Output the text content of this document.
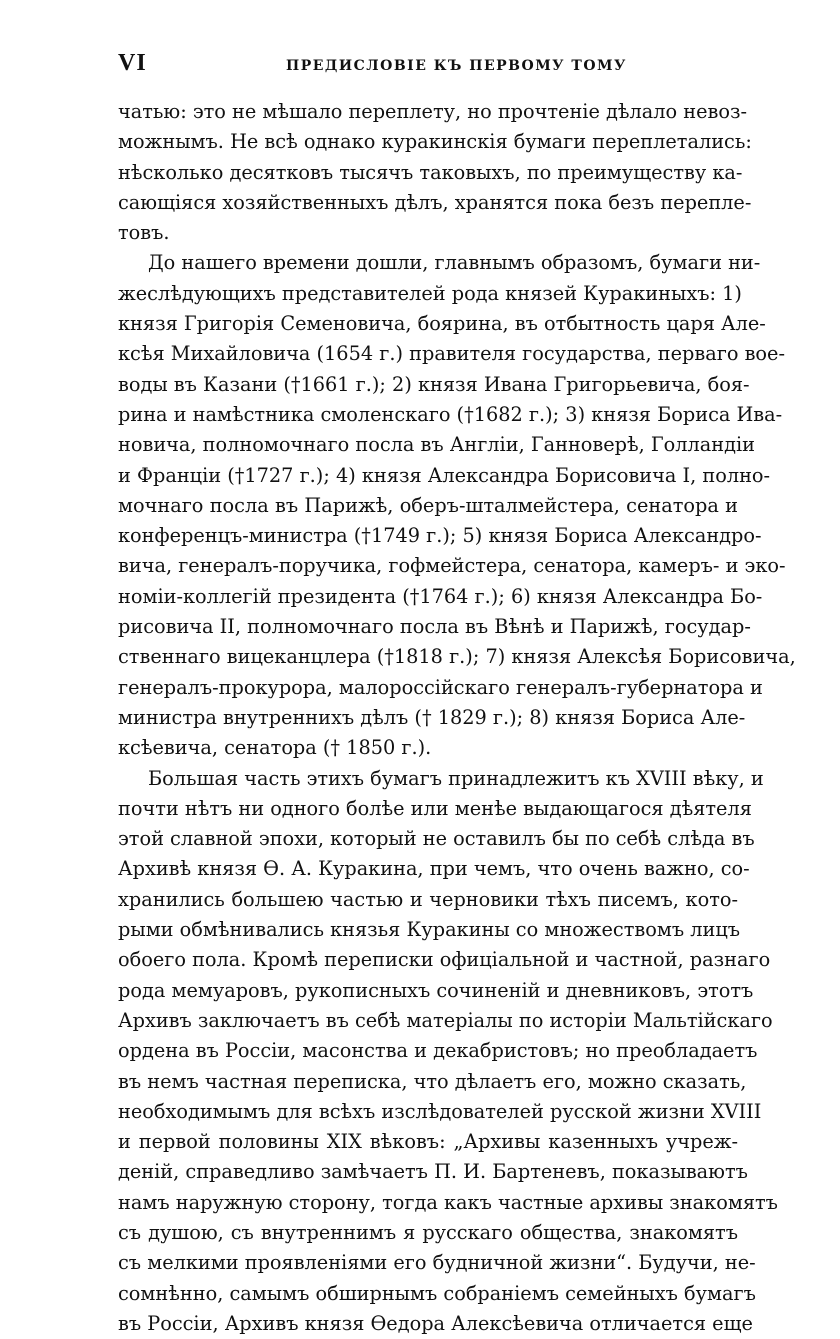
VI	ПРЕДИСЛОВІЕ КЪ ПЕРВОМУ ТОМУ
чатью: это не мѣшало переплету, но прочтеніе дѣлало невоз-
можнымъ. Не всѣ однако куракинскія бумаги переплетались:
нѣсколько десятковъ тысячъ таковыхъ, по преимуществу ка-
сающіяся хозяйственныхъ дѣлъ, хранятся пока безъ перепле-
товъ.
До нашего времени дошли, главнымъ образомъ, бумаги ни-
жеслѣдующихъ представителей рода князей Куракиныхъ: 1)
князя Григорія Семеновича, боярина, въ отбытность царя Але-
ксѣя Михайловича (1654 г.) правителя государства, перваго вое-
воды въ Казани (†1661 г.); 2) князя Ивана Григорьевича, боя-
рина и намѣстника смоленскаго (†1682 г.); 3) князя Бориса Ива-
новича, полномочнаго посла въ Англіи, Ганноверѣ, Голландіи
и Франціи (†1727 г.); 4) князя Александра Борисовича I, полно-
мочнаго посла въ Парижѣ, оберъ-шталмейстера, сенатора и
конференцъ-министра (†1749 г.); 5) князя Бориса Александро-
вича, генералъ-поручика, гофмейстера, сенатора, камеръ- и эко-
номіи-коллегій президента (†1764 г.); 6) князя Александра Бо-
рисовича II, полномочнаго посла въ Вѣнѣ и Парижѣ, государ-
ственнаго вицеканцлера (†1818 г.); 7) князя Алексѣя Борисовича,
генералъ-прокурора, малороссійскаго генералъ-губернатора и
министра внутреннихъ дѣлъ († 1829 г.); 8) князя Бориса Але-
ксѣевича, сенатора († 1850 г.).
Большая часть этихъ бумагъ принадлежитъ къ XVIII вѣку, и
почти нѣтъ ни одного болѣе или менѣе выдающагося дѣятеля
этой славной эпохи, который не оставилъ бы по себѣ слѣда въ
Архивѣ князя Ѳ. А. Куракина, при чемъ, что очень важно, со-
хранились большею частью и черновики тѣхъ писемъ, кото-
рыми обмѣнивались князья Куракины со множествомъ лицъ
обоего пола. Кромѣ переписки офиціальной и частной, разнаго
рода мемуаровъ, рукописныхъ сочиненій и дневниковъ, этотъ
Архивъ заключаетъ въ себѣ матеріалы по исторіи Мальтійскаго
ордена въ Россіи, масонства и декабристовъ; но преобладаетъ
въ немъ частная переписка, что дѣлаетъ его, можно сказать,
необходимымъ для всѣхъ изслѣдователей русской жизни XVIII
и первой половины XIX вѣковъ: „Архивы казенныхъ учреж-
деній, справедливо замѣчаетъ П. И. Бартеневъ, показываютъ
намъ наружную сторону, тогда какъ частные архивы знакомятъ
съ душою, съ внутреннимъ я русскаго общества, знакомятъ
съ мелкими проявленіями его будничной жизни“. Будучи, не-
сомнѣнно, самымъ обширнымъ собраніемъ семейныхъ бумагъ
въ Россіи, Архивъ князя Ѳедора Алексѣевича отличается еще
